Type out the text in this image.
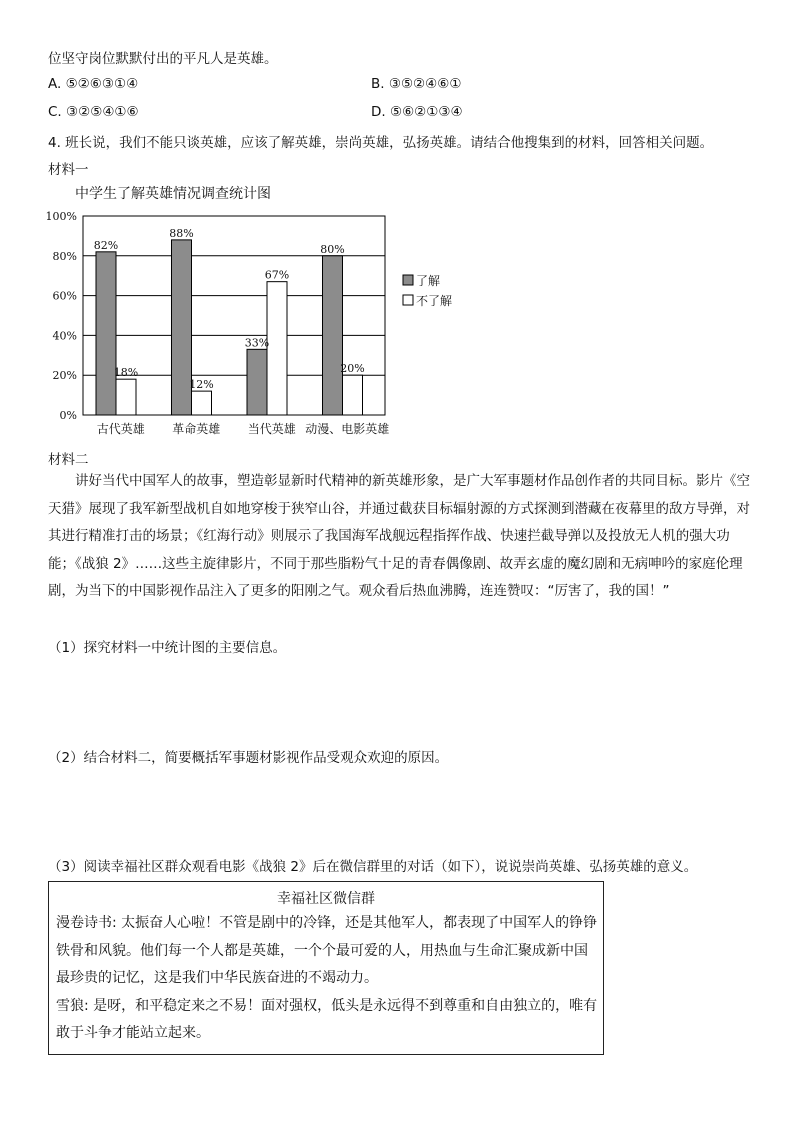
位坚守岗位默默付出的平凡人是英雄。
A. ⑤②⑥③①④	B. ③⑤②④⑥①
C. ③②⑤④①⑥	D. ⑤⑥②①③④
4. 班长说，我们不能只谈英雄，应该了解英雄，崇尚英雄，弘扬英雄。请结合他搜集到的材料，回答相关问题。
材料一
中学生了解英雄情况调查统计图
0%
20%
40%
60%
80%
100%
82%
18%
古代英雄
88%
12%
革命英雄
33%
67%
当代英雄
80%
20%
动漫、电影英雄
了解
不了解
材料二
讲好当代中国军人的故事，塑造彰显新时代精神的新英雄形象，是广大军事题材作品创作者的共同目标。影片《空天猎》展现了我军新型战机自如地穿梭于狭窄山谷，并通过截获目标辐射源的方式探测到潜藏在夜幕里的敌方导弹，对其进行精准打击的场景；《红海行动》则展示了我国海军战舰远程指挥作战、快速拦截导弹以及投放无人机的强大功能；《战狼 2》……这些主旋律影片，不同于那些脂粉气十足的青春偶像剧、故弄玄虚的魔幻剧和无病呻吟的家庭伦理剧，为当下的中国影视作品注入了更多的阳刚之气。观众看后热血沸腾，连连赞叹：“厉害了，我的国！”
（1）探究材料一中统计图的主要信息。
（2）结合材料二，简要概括军事题材影视作品受观众欢迎的原因。
（3）阅读幸福社区群众观看电影《战狼 2》后在微信群里的对话（如下），说说崇尚英雄、弘扬英雄的意义。
幸福社区微信群

漫卷诗书: 太振奋人心啦！不管是剧中的冷锋，还是其他军人，都表现了中国军人的铮铮铁骨和风貌。他们每一个人都是英雄，一个个最可爱的人，用热血与生命汇聚成新中国最珍贵的记忆，这是我们中华民族奋进的不竭动力。

雪狼: 是呀，和平稳定来之不易！面对强权，低头是永远得不到尊重和自由独立的，唯有敢于斗争才能站立起来。
